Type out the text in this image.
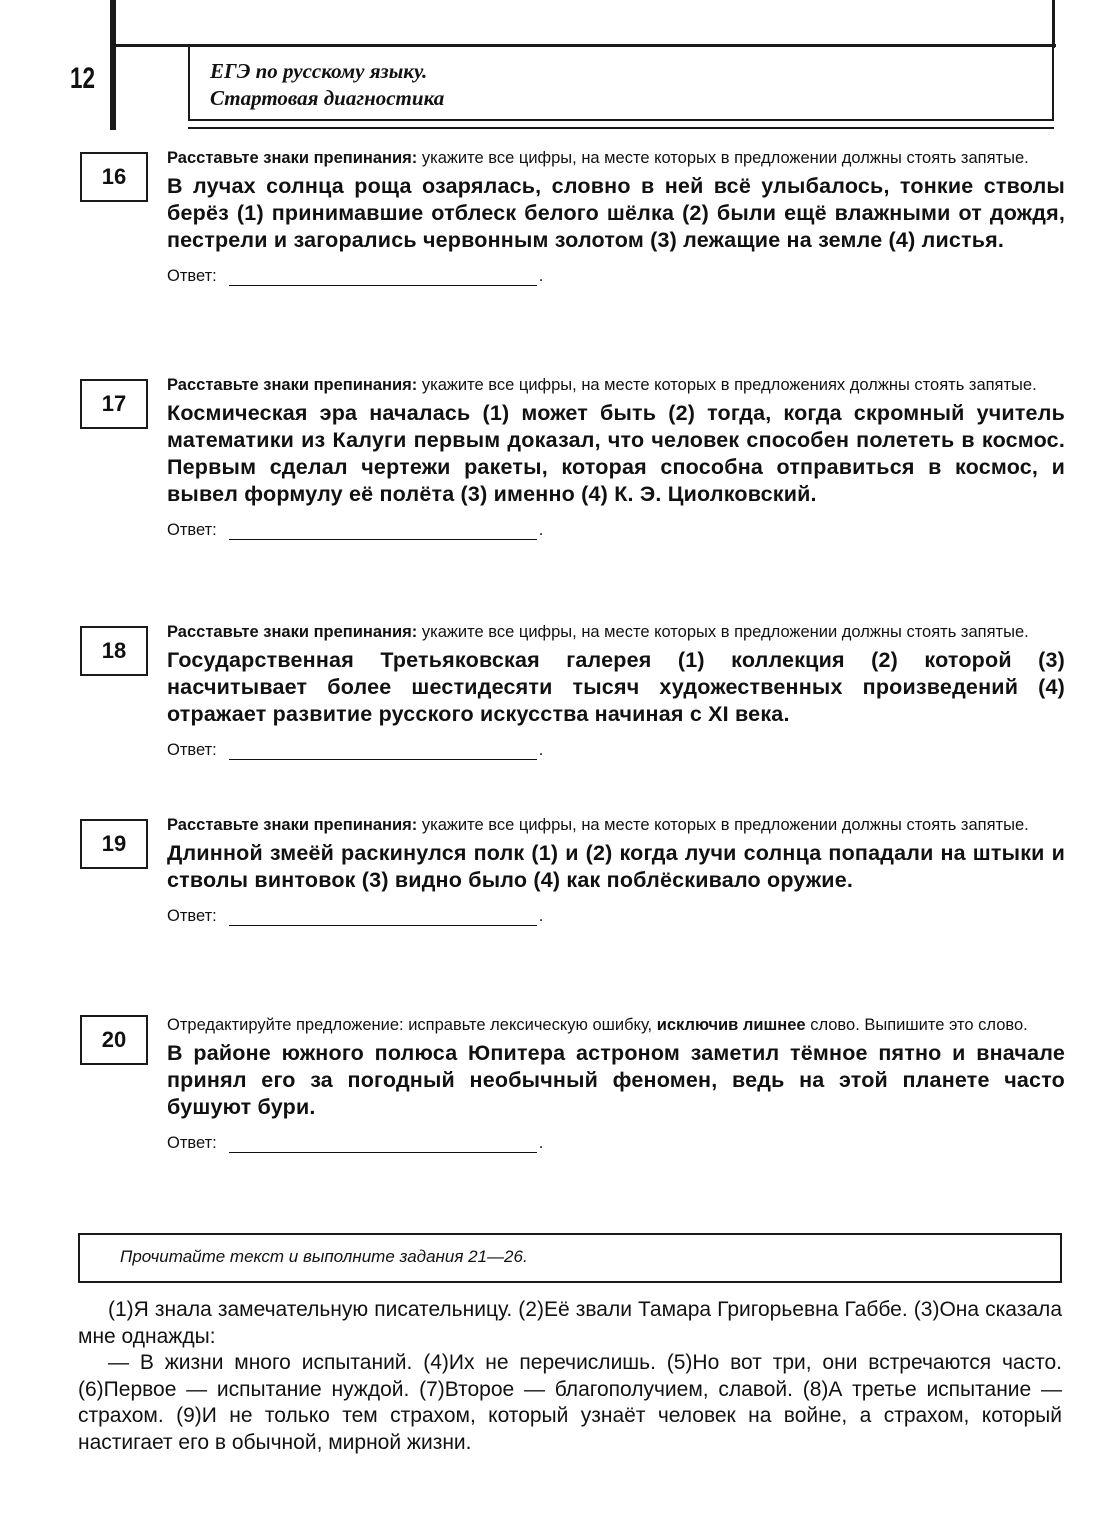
12	ЕГЭ по русскому языку.
Стартовая диагностика
16
Расставьте знаки препинания: укажите все цифры, на месте которых в предложении должны стоять запятые.
В лучах солнца роща озарялась, словно в ней всё улыбалось, тонкие стволы берёз (1) принимавшие отблеск белого шёлка (2) были ещё влажными от дождя, пестрели и загорались червонным золотом (3) лежащие на земле (4) листья.
Ответ:	.
17
Расставьте знаки препинания: укажите все цифры, на месте которых в предложениях должны стоять запятые.
Космическая эра началась (1) может быть (2) тогда, когда скромный учитель математики из Калуги первым доказал, что человек способен полететь в космос. Первым сделал чертежи ракеты, которая способна отправиться в космос, и вывел формулу её полёта (3) именно (4) К. Э. Циолковский.
Ответ:	.
18
Расставьте знаки препинания: укажите все цифры, на месте которых в предложении должны стоять запятые.
Государственная Третьяковская галерея (1) коллекция (2) которой (3) насчитывает более шестидесяти тысяч художественных произведений (4) отражает развитие русского искусства начиная с XI века.
Ответ:	.
19
Расставьте знаки препинания: укажите все цифры, на месте которых в предложении должны стоять запятые.
Длинной змеёй раскинулся полк (1) и (2) когда лучи солнца попадали на штыки и стволы винтовок (3) видно было (4) как поблёскивало оружие.
Ответ:	.
20
Отредактируйте предложение: исправьте лексическую ошибку, исключив лишнее слово. Выпишите это слово.
В районе южного полюса Юпитера астроном заметил тёмное пятно и вначале принял его за погодный необычный феномен, ведь на этой планете часто бушуют бури.
Ответ:	.
Прочитайте текст и выполните задания 21—26.

(1)Я знала замечательную писательницу. (2)Её звали Тамара Григорьевна Габбе. (3)Она сказала мне однажды:

— В жизни много испытаний. (4)Их не перечислишь. (5)Но вот три, они встречаются часто. (6)Первое — испытание нуждой. (7)Второе — благополучием, славой. (8)А третье испытание — страхом. (9)И не только тем страхом, который узнаёт человек на войне, а страхом, который настигает его в обычной, мирной жизни.
